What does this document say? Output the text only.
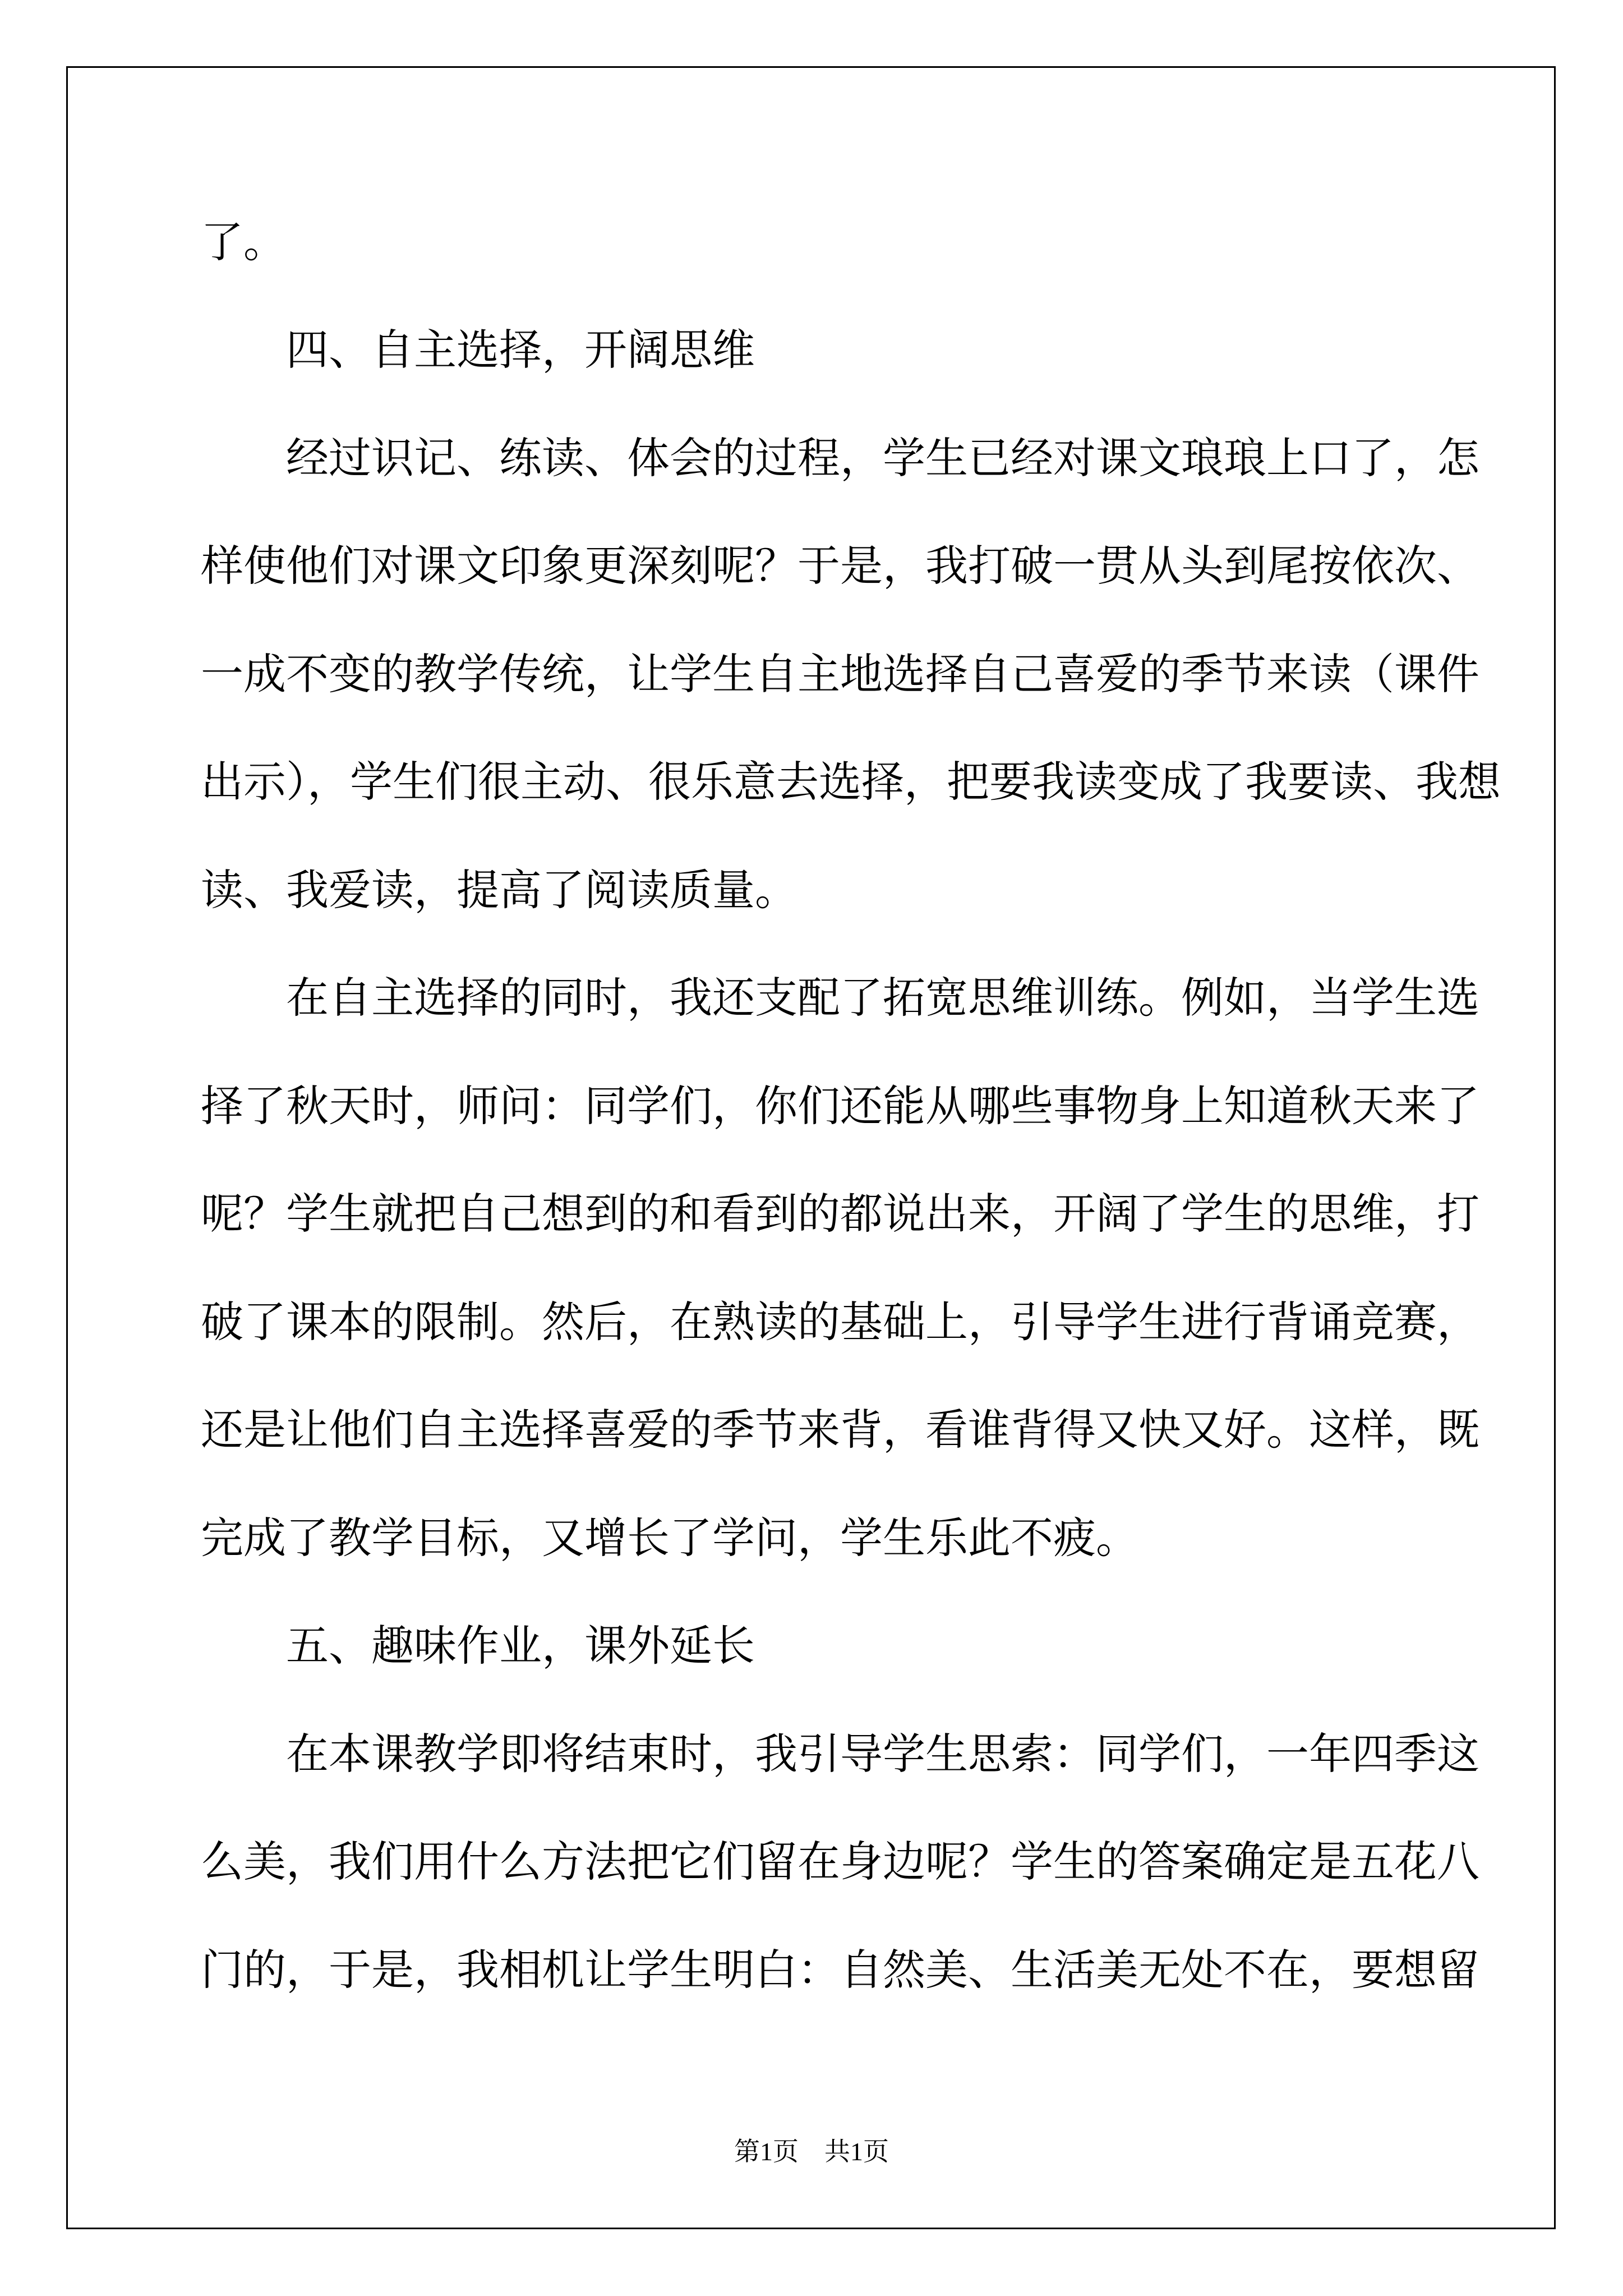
了。

四、自主选择，开阔思维

经过识记、练读、体会的过程，学生已经对课文琅琅上口了，怎

样使他们对课文印象更深刻呢？于是，我打破一贯从头到尾按依次、

一成不变的教学传统，让学生自主地选择自己喜爱的季节来读（课件

出示），学生们很主动、很乐意去选择，把要我读变成了我要读、我想

读、我爱读，提高了阅读质量。

在自主选择的同时，我还支配了拓宽思维训练。例如，当学生选

择了秋天时，师问：同学们，你们还能从哪些事物身上知道秋天来了

呢？学生就把自己想到的和看到的都说出来，开阔了学生的思维，打

破了课本的限制。然后，在熟读的基础上，引导学生进行背诵竞赛，

还是让他们自主选择喜爱的季节来背，看谁背得又快又好。这样，既

完成了教学目标，又增长了学问，学生乐此不疲。

五、趣味作业，课外延长

在本课教学即将结束时，我引导学生思索：同学们，一年四季这

么美，我们用什么方法把它们留在身边呢？学生的答案确定是五花八

门的，于是，我相机让学生明白：自然美、生活美无处不在，要想留

第1页　共1页
